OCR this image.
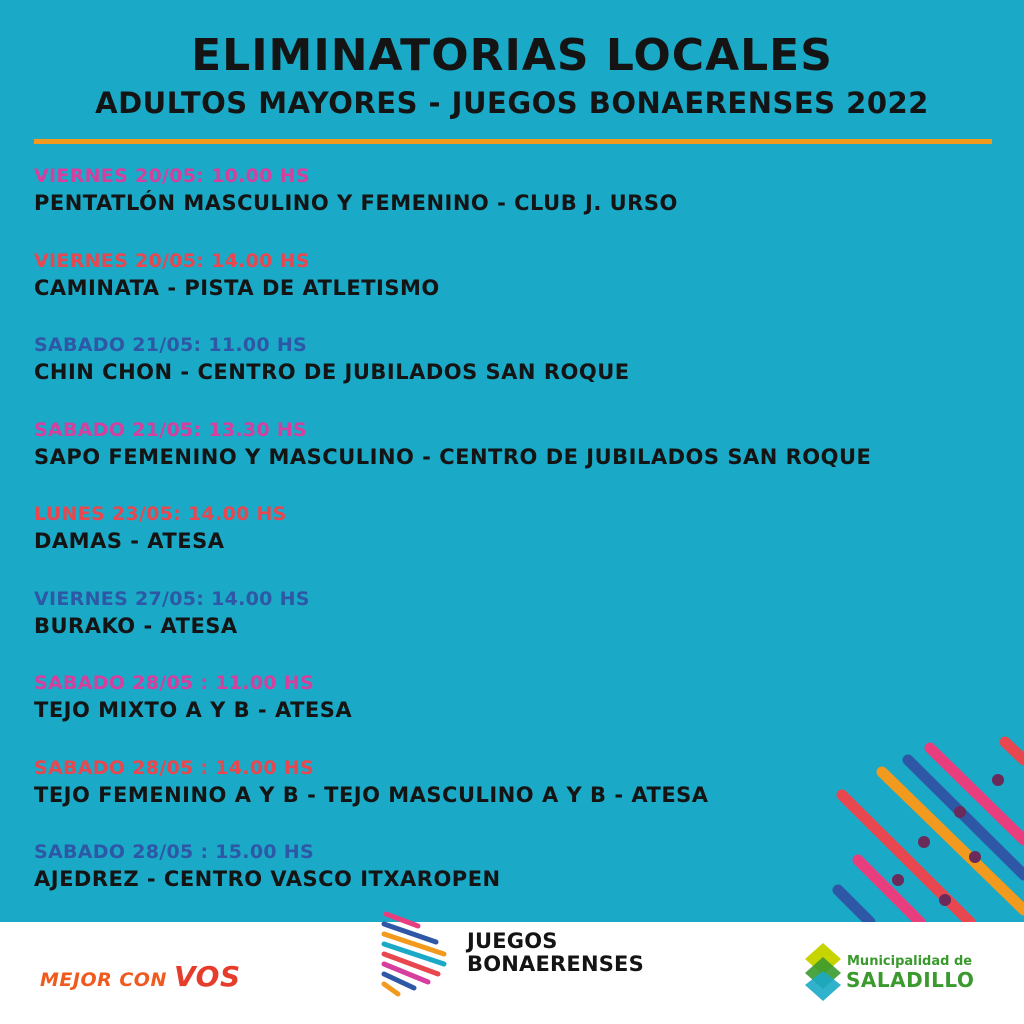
ELIMINATORIAS LOCALES
ADULTOS MAYORES - JUEGOS BONAERENSES 2022
VIERNES 20/05: 10.00 HS
PENTATLÓN MASCULINO Y FEMENINO - CLUB J. URSO
VIERNES 20/05: 14.00 HS
CAMINATA - PISTA DE ATLETISMO
SABADO 21/05: 11.00 HS
CHIN CHON - CENTRO DE JUBILADOS SAN ROQUE
SABADO 21/05: 13.30 HS
SAPO FEMENINO Y MASCULINO - CENTRO DE JUBILADOS SAN ROQUE
LUNES 23/05: 14.00 HS
DAMAS - ATESA
VIERNES 27/05: 14.00 HS
BURAKO - ATESA
SABADO 28/05 : 11.00 HS
TEJO MIXTO A Y B - ATESA
SABADO 28/05 : 14.00 HS
TEJO FEMENINO A Y B - TEJO MASCULINO A Y B - ATESA
SABADO 28/05 : 15.00 HS
AJEDREZ - CENTRO VASCO ITXAROPEN
MEJOR CON VOS
JUEGOS
BONAERENSES	Municipalidad de
SALADILLO
